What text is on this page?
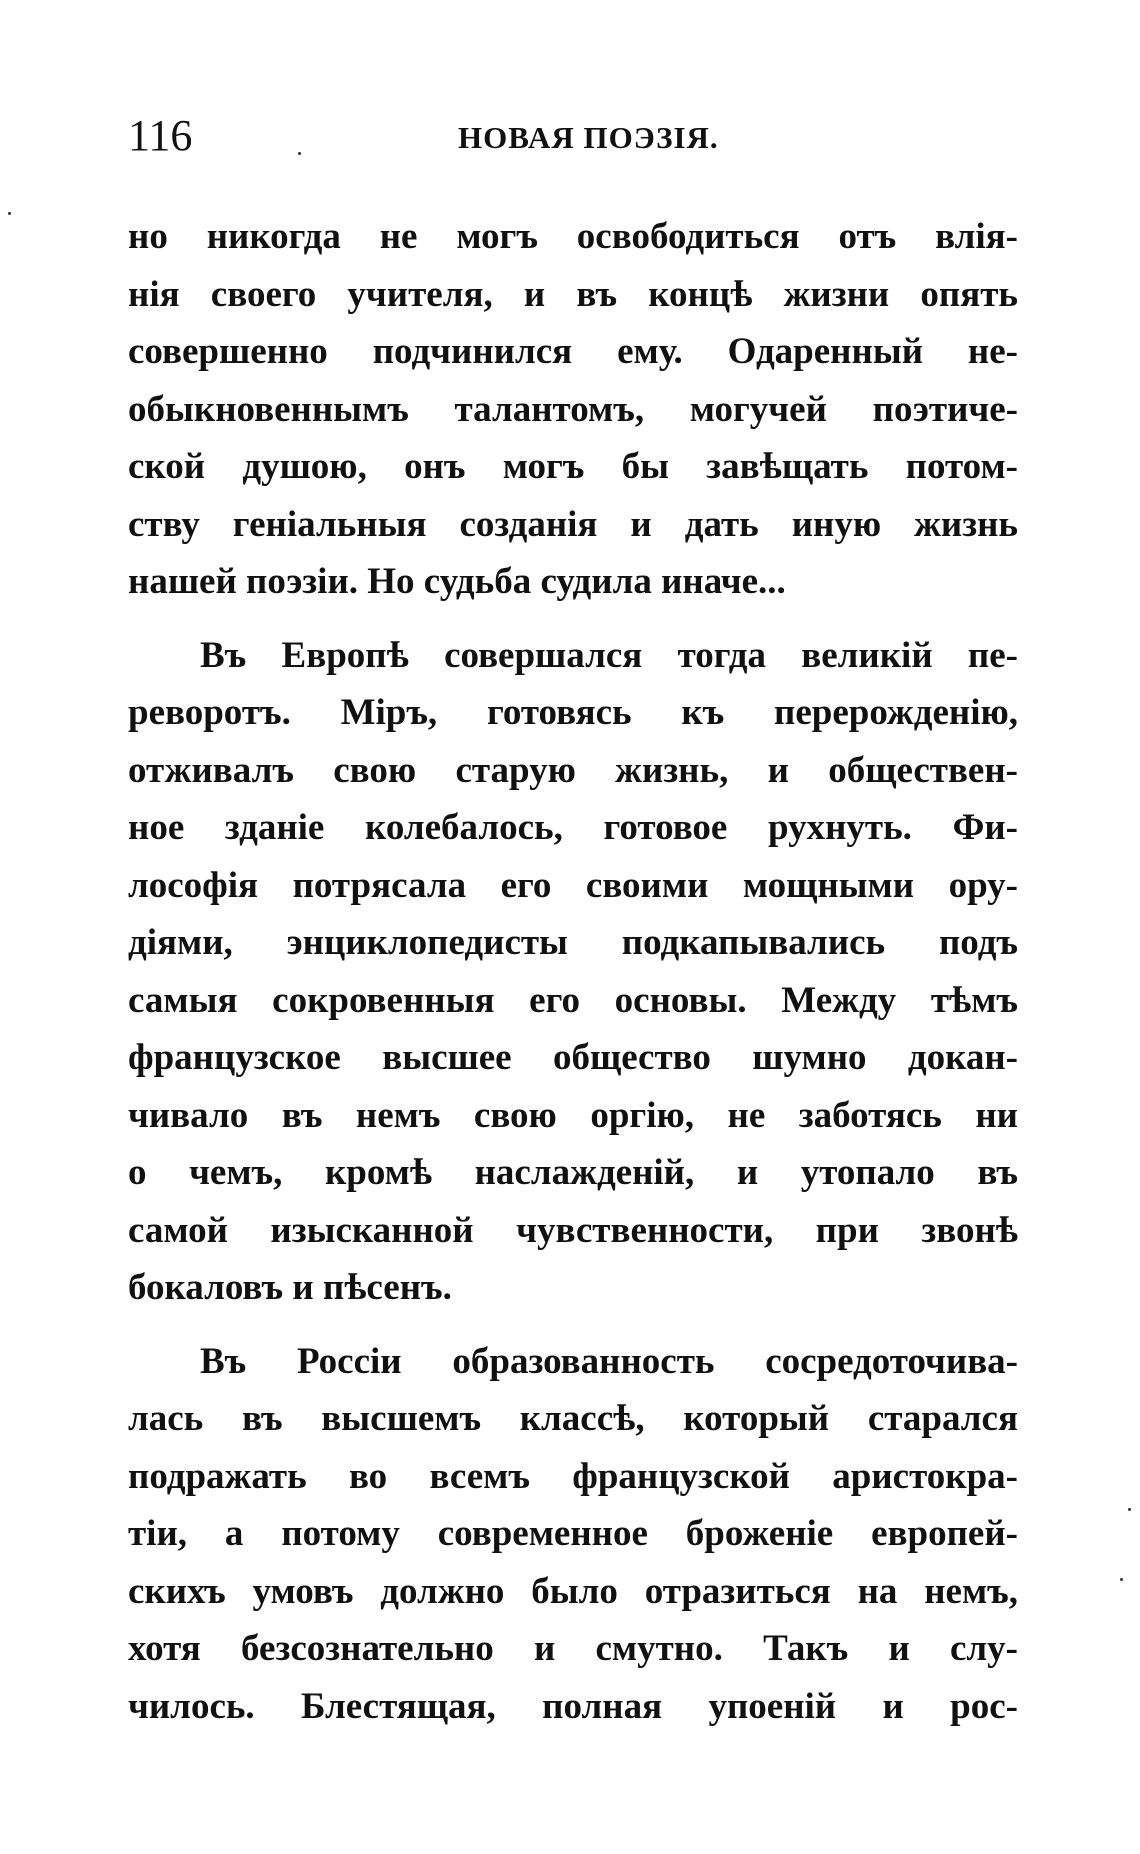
116	НОВАЯ ПОЭЗІЯ.
но никогда не могъ освободиться отъ влія-
нія своего учителя, и въ концѣ жизни опять
совершенно подчинился ему. Одаренный не-
обыкновеннымъ талантомъ, могучей поэтиче-
ской душою, онъ могъ бы завѣщать потом-
ству геніальныя созданія и дать иную жизнь
нашей поэзіи. Но судьба судила иначе...
Въ Европѣ совершался тогда великій пе-
реворотъ. Міръ, готовясь къ перерожденію,
отживалъ свою старую жизнь, и обществен-
ное зданіе колебалось, готовое рухнуть. Фи-
лософія потрясала его своими мощными ору-
діями, энциклопедисты подкапывались подъ
самыя сокровенныя его основы. Между тѣмъ
французское высшее общество шумно докан-
чивало въ немъ свою оргію, не заботясь ни
о чемъ, кромѣ наслажденій, и утопало въ
самой изысканной чувственности, при звонѣ
бокаловъ и пѣсенъ.
Въ Россіи образованность сосредоточива-
лась въ высшемъ классѣ, который старался
подражать во всемъ французской аристокра-
тіи, а потому современное броженіе европей-
скихъ умовъ должно было отразиться на немъ,
хотя безсознательно и смутно. Такъ и слу-
чилось. Блестящая, полная упоеній и рос-
